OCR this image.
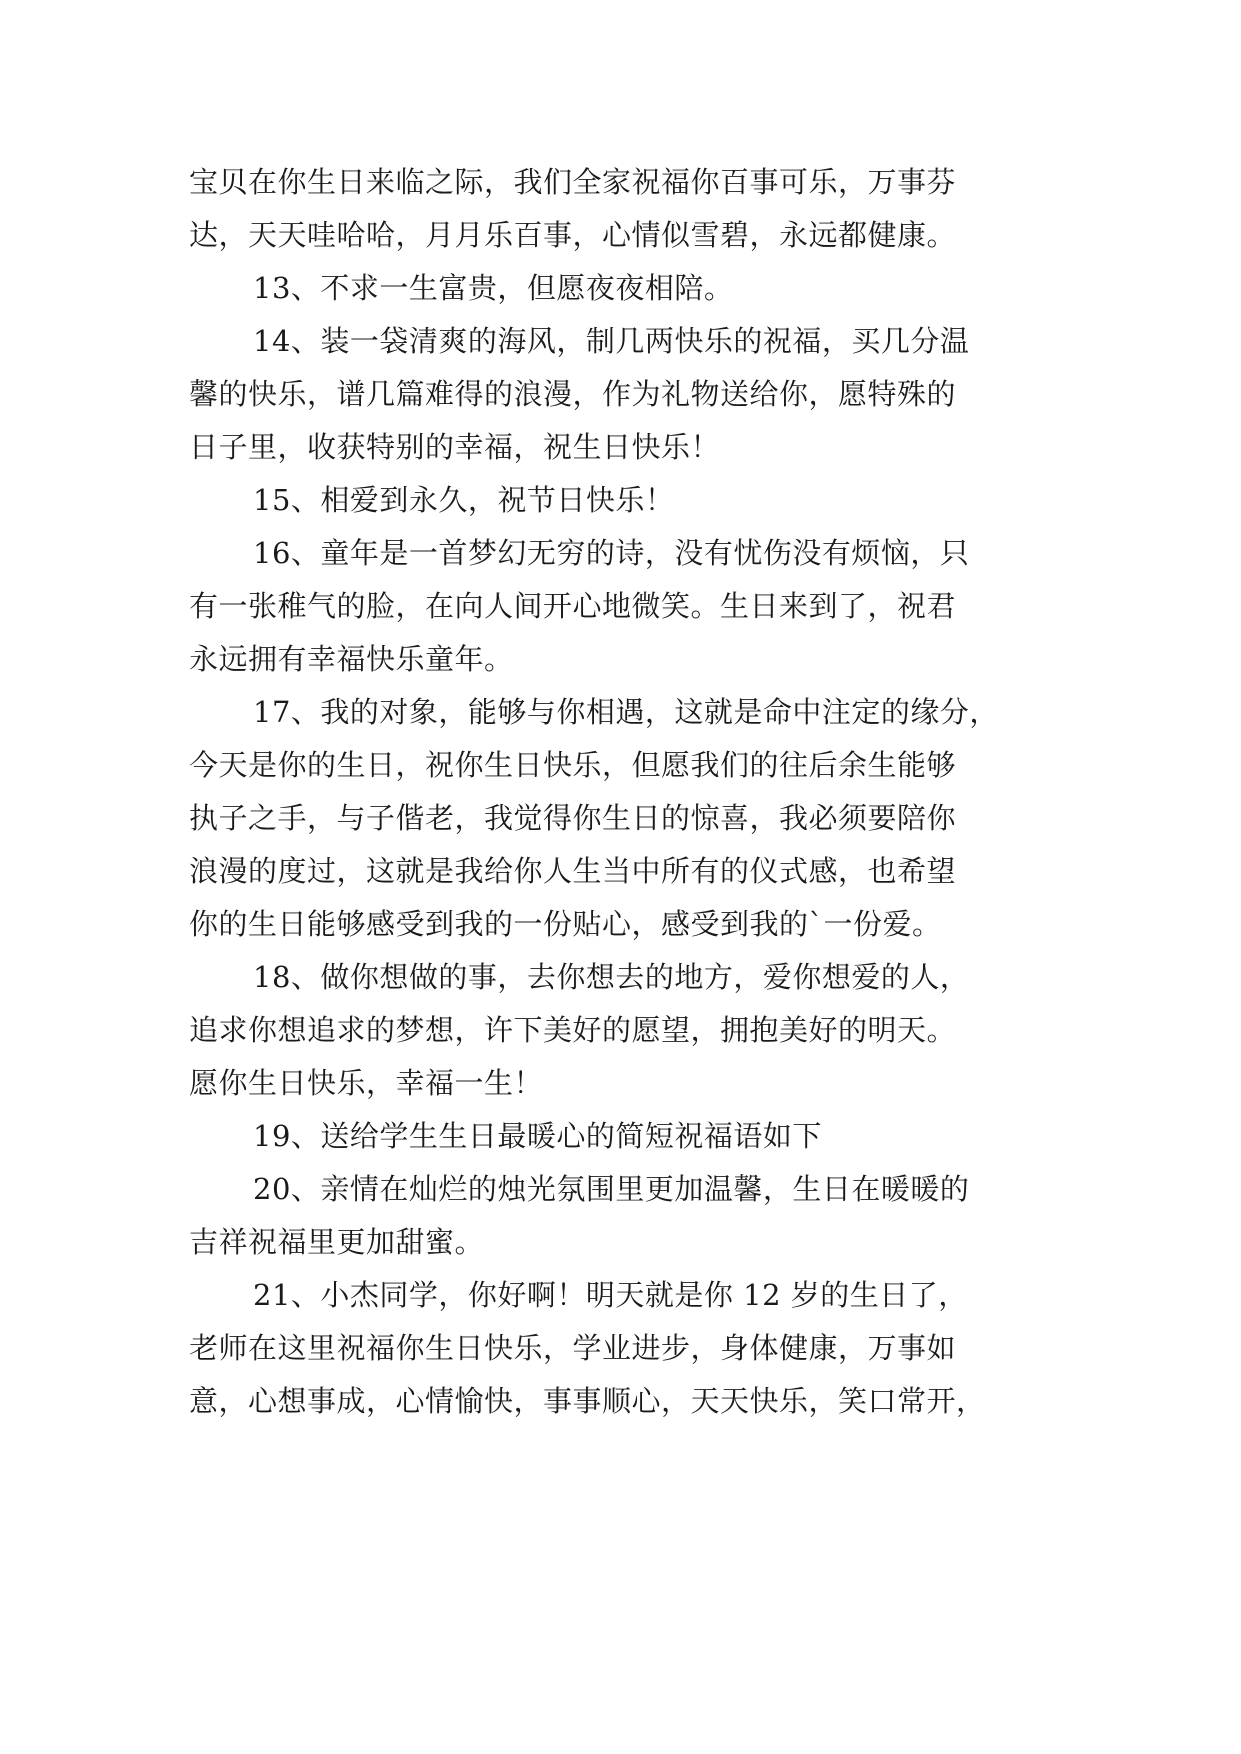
宝贝在你生日来临之际，我们全家祝福你百事可乐，万事芬
达，天天哇哈哈，月月乐百事，心情似雪碧，永远都健康。
13、不求一生富贵，但愿夜夜相陪。
14、装一袋清爽的海风，制几两快乐的祝福，买几分温
馨的快乐，谱几篇难得的浪漫，作为礼物送给你，愿特殊的
日子里，收获特别的幸福，祝生日快乐！
15、相爱到永久，祝节日快乐！
16、童年是一首梦幻无穷的诗，没有忧伤没有烦恼，只
有一张稚气的脸，在向人间开心地微笑。生日来到了，祝君
永远拥有幸福快乐童年。
17、我的对象，能够与你相遇，这就是命中注定的缘分，
今天是你的生日，祝你生日快乐，但愿我们的往后余生能够
执子之手，与子偕老，我觉得你生日的惊喜，我必须要陪你
浪漫的度过，这就是我给你人生当中所有的仪式感，也希望
你的生日能够感受到我的一份贴心，感受到我的`一份爱。
18、做你想做的事，去你想去的地方，爱你想爱的人，
追求你想追求的梦想，许下美好的愿望，拥抱美好的明天。
愿你生日快乐，幸福一生！
19、送给学生生日最暖心的简短祝福语如下
20、亲情在灿烂的烛光氛围里更加温馨，生日在暖暖的
吉祥祝福里更加甜蜜。
21、小杰同学，你好啊！明天就是你 12 岁的生日了，
老师在这里祝福你生日快乐，学业进步，身体健康，万事如
意，心想事成，心情愉快，事事顺心，天天快乐，笑口常开，
